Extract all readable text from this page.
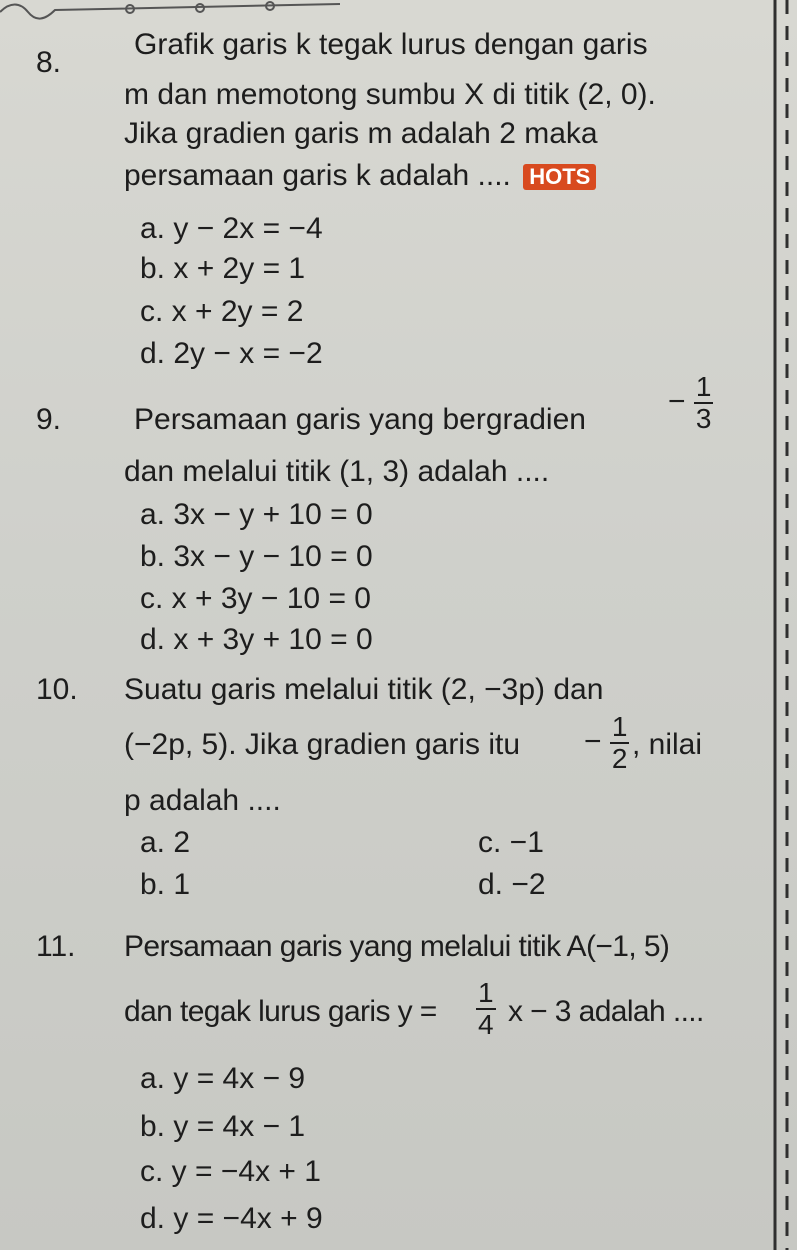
8.
Grafik garis k tegak lurus dengan garis
m dan memotong sumbu X di titik (2, 0).
Jika gradien garis m adalah 2 maka
persamaan garis k adalah .... HOTS
a. y − 2x = −4
b. x + 2y = 1
c. x + 2y = 2
d. 2y − x = −2
9. Persamaan garis yang bergradien
− $\frac{1}{3}$
dan melalui titik (1, 3) adalah ....
a. 3x − y + 10 = 0
b. 3x − y − 10 = 0
c. x + 3y − 10 = 0
d. x + 3y + 10 = 0
10. Suatu garis melalui titik (2, −3p) dan
(−2p, 5). Jika gradien garis itu − $\frac{1}{2}$ , nilai
p adalah ....
a. 2
b. 1
c. −1
d. −2
11. Persamaan garis yang melalui titik A(−1, 5)
dan tegak lurus garis $y = \frac{1}{4}$ x − 3 adalah ....
a. y = 4x − 9
b. y = 4x − 1
c. y = −4x + 1
d. y = −4x + 9
